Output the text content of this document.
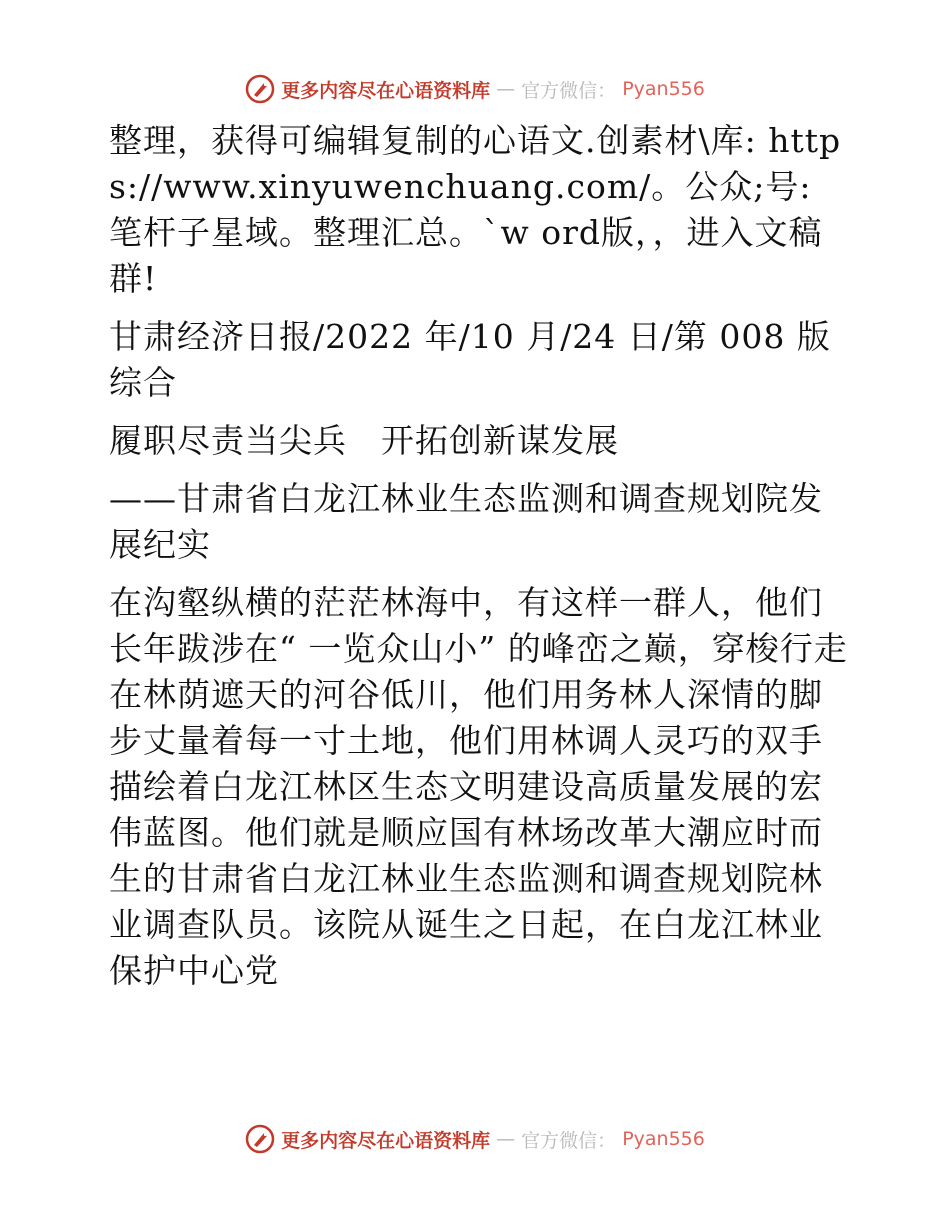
更多内容尽在心语资料库 — 官方微信： Pyan556

整理，获得可编辑复制的心语文.创素材\库: https://www.xinyuwenchuang.com/。公众;号: 笔杆子星域。整理汇总。`w ord版，，进入文稿群!

甘肃经济日报/2022 年/10 月/24 日/第 008 版综合

履职尽责当尖兵　开拓创新谋发展

——甘肃省白龙江林业生态监测和调查规划院发展纪实

在沟壑纵横的茫茫林海中，有这样一群人，他们长年跋涉在“ 一览众山小” 的峰峦之巅，穿梭行走在林荫遮天的河谷低川，他们用务林人深情的脚步丈量着每一寸土地，他们用林调人灵巧的双手描绘着白龙江林区生态文明建设高质量发展的宏伟蓝图。他们就是顺应国有林场改革大潮应时而生的甘肃省白龙江林业生态监测和调查规划院林业调查队员。该院从诞生之日起，在白龙江林业保护中心党

更多内容尽在心语资料库 — 官方微信： Pyan556
